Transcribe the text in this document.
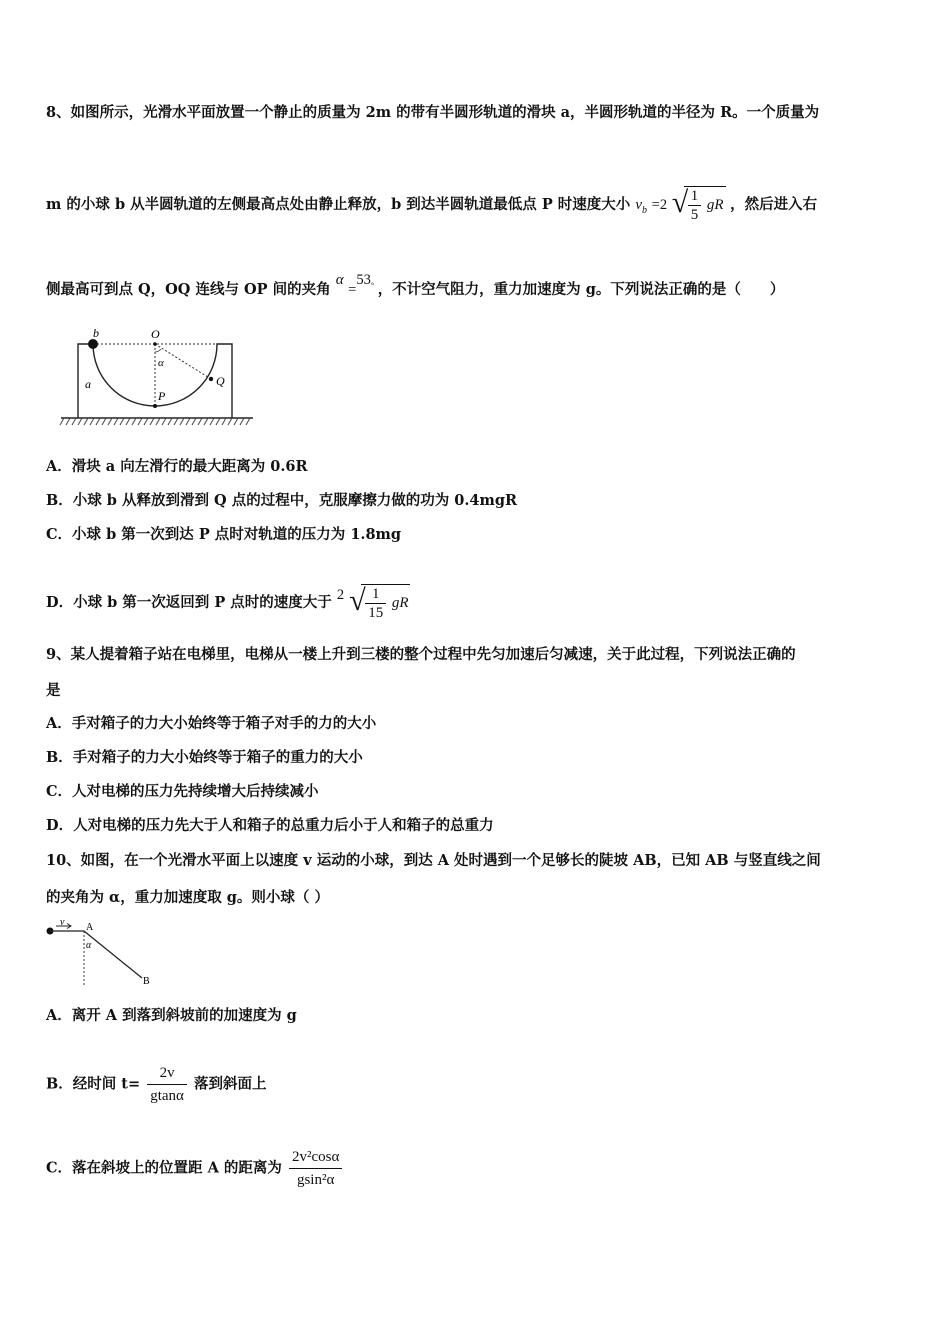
8、如图所示，光滑水平面放置一个静止的质量为 2m 的带有半圆形轨道的滑块 a，半圆形轨道的半径为 R。一个质量为
m 的小球 b 从半圆轨道的左侧最高点处由静止释放，b 到达半圆轨道最低点 P 时速度大小 $v_b =2$ √ $\frac{1}{5}$ gR ，然后进入右
侧最高可到点 Q，OQ 连线与 OP 间的夹角 α =53° ，不计空气阻力，重力加速度为 g。下列说法正确的是（　　）
b	O
α
a
P
Q
A．滑块 a 向左滑行的最大距离为 0.6R
B．小球 b 从释放到滑到 Q 点的过程中，克服摩擦力做的功为 0.4mgR
C．小球 b 第一次到达 P 点时对轨道的压力为 1.8mg
D．小球 b 第一次返回到 P 点时的速度大于 2 √ $\frac{1}{15}$ gR
9、某人提着箱子站在电梯里，电梯从一楼上升到三楼的整个过程中先匀加速后匀减速，关于此过程，下列说法正确的
是
A．手对箱子的力大小始终等于箱子对手的力的大小
B．手对箱子的力大小始终等于箱子的重力的大小
C．人对电梯的压力先持续增大后持续减小
D．人对电梯的压力先大于人和箱子的总重力后小于人和箱子的总重力
10、如图，在一个光滑水平面上以速度 v 运动的小球，到达 A 处时遇到一个足够长的陡坡 AB，已知 AB 与竖直线之间
的夹角为 α，重力加速度取 g。则小球（ ）
v A
α
B
A．离开 A 到落到斜坡前的加速度为 g
B．经时间 $t= \frac{2v}{gtan\alpha}$ 落到斜面上
C．落在斜坡上的位置距 A 的距离为 $\frac{\text{2v²cosα}}{\text{gsin²α}}$
